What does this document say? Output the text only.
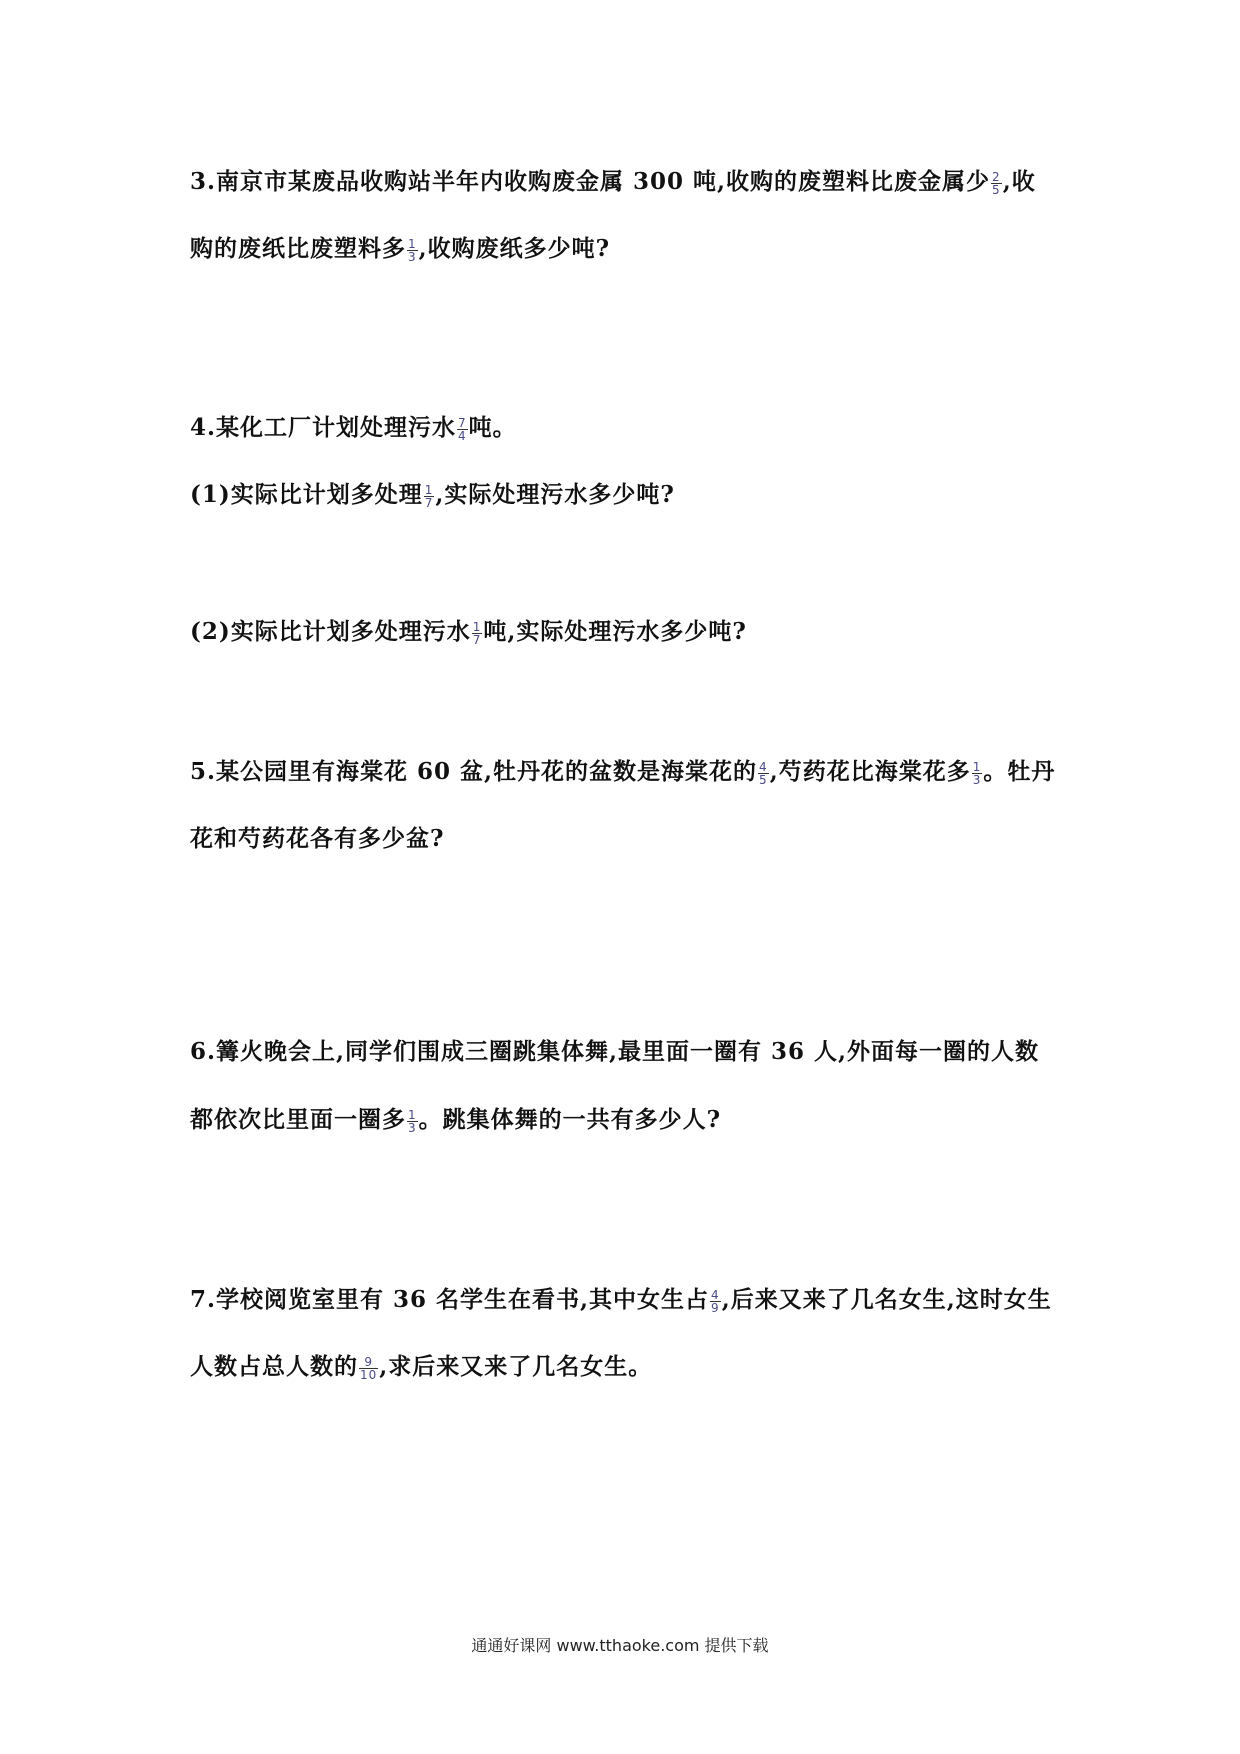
3.南京市某废品收购站半年内收购废金属 300 吨,收购的废塑料比废金属少 $\frac{2}{5}$ ,收
购的废纸比废塑料多 $\frac{1}{3}$ ,收购废纸多少吨?
4.某化工厂计划处理污水 $\frac{7}{4}$ 吨。
(1)实际比计划多处理 $\frac{1}{7}$ ,实际处理污水多少吨?
(2)实际比计划多处理污水 $\frac{1}{7}$ 吨,实际处理污水多少吨?
5.某公园里有海棠花 60 盆,牡丹花的盆数是海棠花的 $\frac{4}{5}$ ,芍药花比海棠花多 $\frac{1}{3}$ 。牡丹
花和芍药花各有多少盆?
6.篝火晚会上,同学们围成三圈跳集体舞,最里面一圈有 36 人,外面每一圈的人数
都依次比里面一圈多 $\frac{1}{3}$ 。跳集体舞的一共有多少人?
7.学校阅览室里有 36 名学生在看书,其中女生占 $\frac{4}{9}$ ,后来又来了几名女生,这时女生
人数占总人数的 $\frac{9}{10}$ ,求后来又来了几名女生。
通通好课网 www.tthaoke.com 提供下载
